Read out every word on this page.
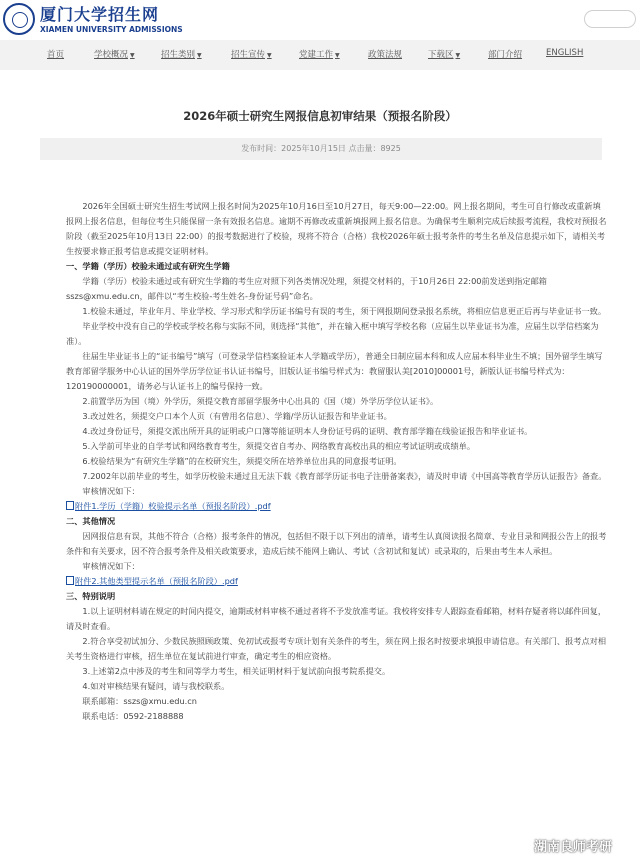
厦门大学招生网
XIAMEN UNIVERSITY ADMISSIONS
首页	学校概况 ▼	招生类别 ▼	招生宣传 ▼	党建工作 ▼	政策法规	下载区 ▼	部门介绍	ENGLISH
2026年硕士研究生网报信息初审结果（预报名阶段）
发布时间：2025年10月15日 点击量：8925

2026年全国硕士研究生招生考试网上报名时间为2025年10月16日至10月27日，每天9:00—22:00。网上报名期间，考生可自行修改或重新填报网上报名信息，但每位考生只能保留一条有效报名信息。逾期不再修改或重新填报网上报名信息。为确保考生顺利完成后续报考流程，我校对预报名阶段（截至2025年10月13日 22:00）的报考数据进行了校验，现将不符合（合格）我校2026年硕士报考条件的考生名单及信息提示如下，请相关考生按要求修正报考信息或提交证明材料。

一、学籍（学历）校验未通过或有研究生学籍

学籍（学历）校验未通过或有研究生学籍的考生应对照下列各类情况处理，须提交材料的，于10月26日 22:00前发送到指定邮箱sszs@xmu.edu.cn，邮件以“考生校验-考生姓名-身份证号码”命名。

1.校验未通过，毕业年月、毕业学校、学习形式和学历证书编号有误的考生，须于网报期间登录报名系统，将相应信息更正后再与毕业证书一致。

毕业学校中没有自己的学校或学校名称与实际不同，则选择“其他”，并在输入框中填写学校名称（应届生以毕业证书为准，应届生以学信档案为准）。

往届生毕业证书上的“证书编号”填写（可登录学信档案验证本人学籍或学历），普通全日制应届本科和成人应届本科毕业生不填；国外留学生填写教育部留学服务中心认证的国外学历学位证书认证书编号，旧版认证书编号样式为：教留服认美[2010]00001号，新版认证书编号样式为：120190000001，请务必与认证书上的编号保持一致。

2.前置学历为国（境）外学历，须提交教育部留学服务中心出具的《国（境）外学历学位认证书》。

3.改过姓名，须提交户口本个人页（有曾用名信息）、学籍/学历认证报告和毕业证书。

4.改过身份证号，须提交派出所开具的证明或户口簿等能证明本人身份证号码的证明、教育部学籍在线验证报告和毕业证书。

5.入学前可毕业的自学考试和网络教育考生，须提交省自考办、网络教育高校出具的相应考试证明或成绩单。

6.校验结果为“有研究生学籍”的在校研究生，须提交所在培养单位出具的同意报考证明。

7.2002年以前毕业的考生，如学历校验未通过且无法下载《教育部学历证书电子注册备案表》，请及时申请《中国高等教育学历认证报告》备查。

审核情况如下：

附件1.学历（学籍）校验提示名单（预报名阶段）.pdf

二、其他情况

因网报信息有误，其他不符合（合格）报考条件的情况，包括但不限于以下列出的清单，请考生认真阅读报名简章、专业目录和网报公告上的报考条件和有关要求，因不符合报考条件及相关政策要求，造成后续不能网上确认、考试（含初试和复试）或录取的，后果由考生本人承担。

审核情况如下：

附件2.其他类型提示名单（预报名阶段）.pdf

三、特别说明

1.以上证明材料请在规定的时间内提交，逾期或材料审核不通过者将不予发放准考证。我校将安排专人跟踪查看邮箱，材料存疑者将以邮件回复，请及时查看。

2.符合享受初试加分、少数民族照顾政策、免初试或报考专项计划有关条件的考生，须在网上报名时按要求填报申请信息。有关部门、报考点对相关考生资格进行审核，招生单位在复试前进行审查，确定考生的相应资格。

3.上述第2点中涉及的考生和同等学力考生，相关证明材料于复试前向报考院系提交。

4.如对审核结果有疑问，请与我校联系。

联系邮箱：sszs@xmu.edu.cn

联系电话：0592-2188888

湖南良师考研
